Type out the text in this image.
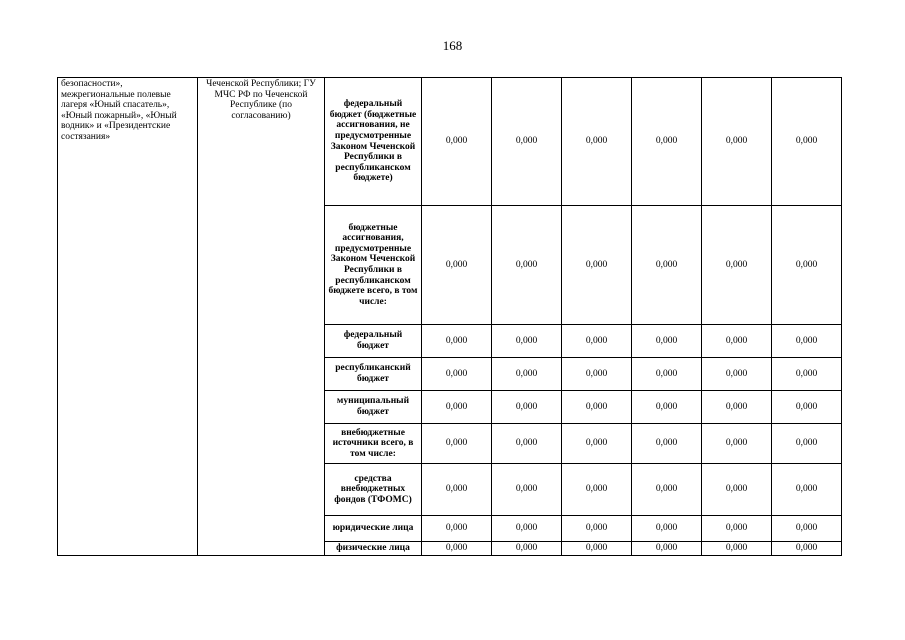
168
безопасности», межрегиональные полевые лагеря «Юный спасатель», «Юный пожарный», «Юный водник» и «Президентские состязания»	Чеченской Республики; ГУ МЧС РФ по Чеченской Республике (по согласованию)	федеральный бюджет (бюджетные ассигнования, не предусмотренные Законом Чеченской Республики в республиканском бюджете)	0,000	0,000	0,000	0,000	0,000	0,000
		бюджетные ассигнования, предусмотренные Законом Чеченской Республики в республиканском бюджете всего, в том числе:	0,000	0,000	0,000	0,000	0,000	0,000
		федеральный бюджет	0,000	0,000	0,000	0,000	0,000	0,000
		республиканский бюджет	0,000	0,000	0,000	0,000	0,000	0,000
		муниципальный бюджет	0,000	0,000	0,000	0,000	0,000	0,000
		внебюджетные источники всего, в том числе:	0,000	0,000	0,000	0,000	0,000	0,000
		средства внебюджетных фондов (ТФОМС)	0,000	0,000	0,000	0,000	0,000	0,000
		юридические лица	0,000	0,000	0,000	0,000	0,000	0,000
		физические лица	0,000	0,000	0,000	0,000	0,000	0,000
